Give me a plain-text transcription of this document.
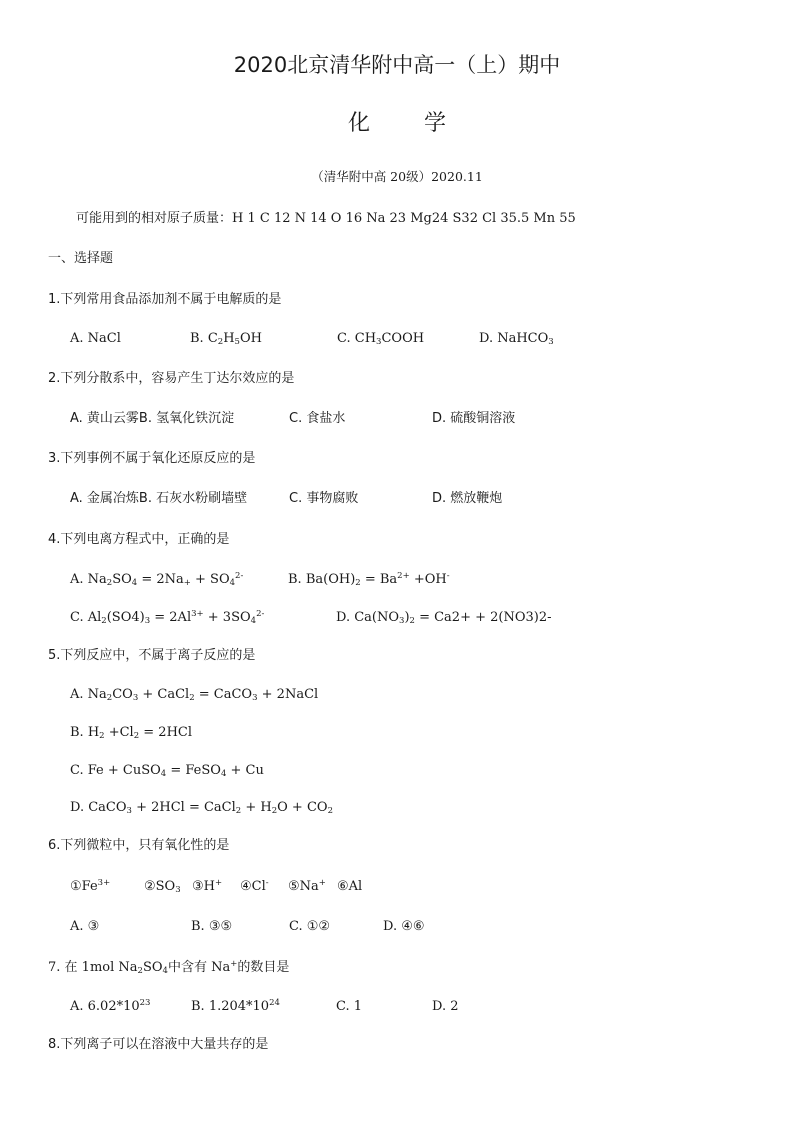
2020北京清华附中高一（上）期中
化 学
（清华附中高 20级）2020.11
可能用到的相对原子质量：H 1 C 12 N 14 O 16 Na 23 Mg24 S32 Cl 35.5 Mn 55
一、选择题
1.下列常用食品添加剂不属于电解质的是
A. NaCl	B. $C_2H_5OH$	C. $CH_3COOH$	D. NaHCO$_3$
2.下列分散系中，容易产生丁达尔效应的是
A. 黄山云雾B. 氢氧化铁沉淀	C. 食盐水	D. 硫酸铜溶液
3.下列事例不属于氧化还原反应的是
A. 金属冶炼B. 石灰水粉刷墙壁	C. 事物腐败	D. 燃放鞭炮
4.下列电离方程式中，正确的是
A. $Na_2SO_4 = 2Na_+ + SO_4^{2-}$	B. $Ba(OH)_2 = Ba^{2+} +OH^-$
C. $Al_2(SO4)_3 = 2Al^{3+} + 3SO_4^{2-}$	D. $Ca(NO_3)_2 = Ca2+ + 2(NO3)2-$
5.下列反应中，不属于离子反应的是
A. $Na_2CO_3$ + CaCl$_2$ = CaCO$_3$ + 2NaCl
B. $H_2 +Cl_2 = 2HCl$
C. Fe + CuSO$_4$ = FeSO$_4$ + Cu
D. CaCO$_3$ + 2HCl = CaCl$_2$ + $H_2O + CO_2$
6.下列微粒中，只有氧化性的是
$①Fe^{3+}$	$②SO_3$ ③H+ ④Cl- ⑤Na+ ⑥Al
A. ③	B. ③⑤	C. ①②	D. ④⑥
7. 在 1mol $Na_2SO_4$中含有 Na+的数目是
A. $6.02*10^{23}$	B. $1.204*10^{24}$	C. 1	D. 2
8.下列离子可以在溶液中大量共存的是
